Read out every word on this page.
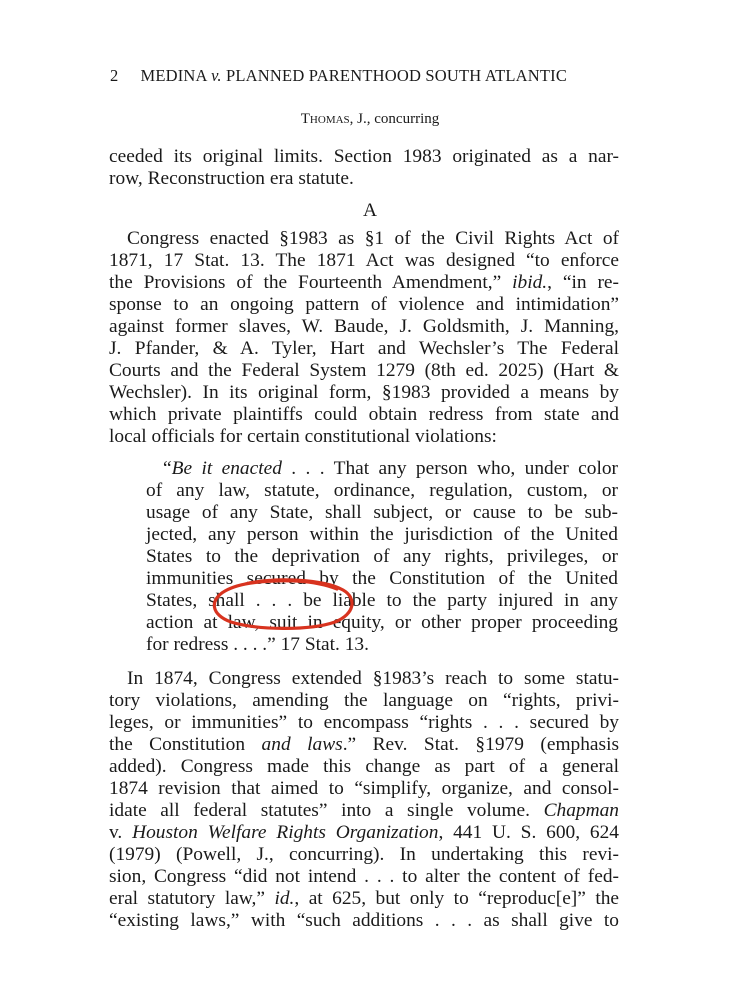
2 MEDINA v. PLANNED PARENTHOOD SOUTH ATLANTIC
Thomas, J., concurring
ceeded its original limits. Section 1983 originated as a nar-
row, Reconstruction era statute.
A
Congress enacted §1983 as §1 of the Civil Rights Act of
1871, 17 Stat. 13. The 1871 Act was designed “to enforce
the Provisions of the Fourteenth Amendment,” ibid., “in re-
sponse to an ongoing pattern of violence and intimidation”
against former slaves, W. Baude, J. Goldsmith, J. Manning,
J. Pfander, & A. Tyler, Hart and Wechsler’s The Federal
Courts and the Federal System 1279 (8th ed. 2025) (Hart &
Wechsler). In its original form, §1983 provided a means by
which private plaintiffs could obtain redress from state and
local officials for certain constitutional violations:
“Be it enacted . . . That any person who, under color
of any law, statute, ordinance, regulation, custom, or
usage of any State, shall subject, or cause to be sub-
jected, any person within the jurisdiction of the United
States to the deprivation of any rights, privileges, or
immunities secured by the Constitution of the United
States, shall . . . be liable to the party injured in any
action at law, suit in equity, or other proper proceeding
for redress . . . .” 17 Stat. 13.
In 1874, Congress extended §1983’s reach to some statu-
tory violations, amending the language on “rights, privi-
leges, or immunities” to encompass “rights . . . secured by
the Constitution and laws.” Rev. Stat. §1979 (emphasis
added). Congress made this change as part of a general
1874 revision that aimed to “simplify, organize, and consol-
idate all federal statutes” into a single volume. Chapman
v. Houston Welfare Rights Organization, 441 U. S. 600, 624
(1979) (Powell, J., concurring). In undertaking this revi-
sion, Congress “did not intend . . . to alter the content of fed-
eral statutory law,” id., at 625, but only to “reproduc[e]” the
“existing laws,” with “such additions . . . as shall give to
